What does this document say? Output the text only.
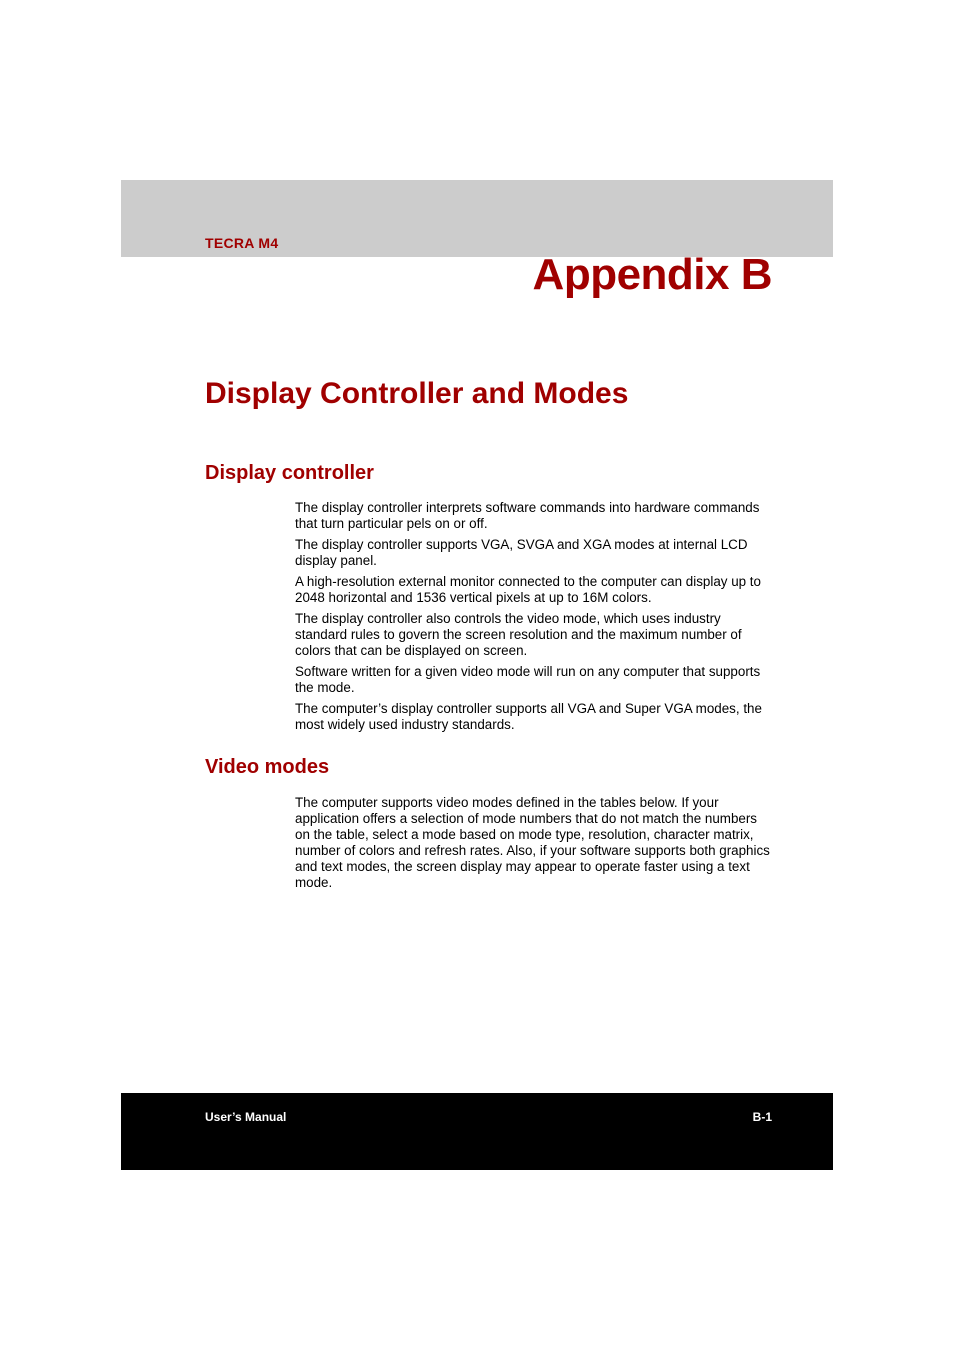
TECRA M4
Appendix B
Display Controller and Modes
Display controller

The display controller interprets software commands into hardware commands that turn particular pels on or off.

The display controller supports VGA, SVGA and XGA modes at internal LCD display panel.

A high-resolution external monitor connected to the computer can display up to 2048 horizontal and 1536 vertical pixels at up to 16M colors.

The display controller also controls the video mode, which uses industry standard rules to govern the screen resolution and the maximum number of colors that can be displayed on screen.

Software written for a given video mode will run on any computer that supports the mode.

The computer’s display controller supports all VGA and Super VGA modes, the most widely used industry standards.

Video modes

The computer supports video modes defined in the tables below. If your application offers a selection of mode numbers that do not match the numbers on the table, select a mode based on mode type, resolution, character matrix, number of colors and refresh rates. Also, if your software supports both graphics and text modes, the screen display may appear to operate faster using a text mode.

User’s Manual	B-1
